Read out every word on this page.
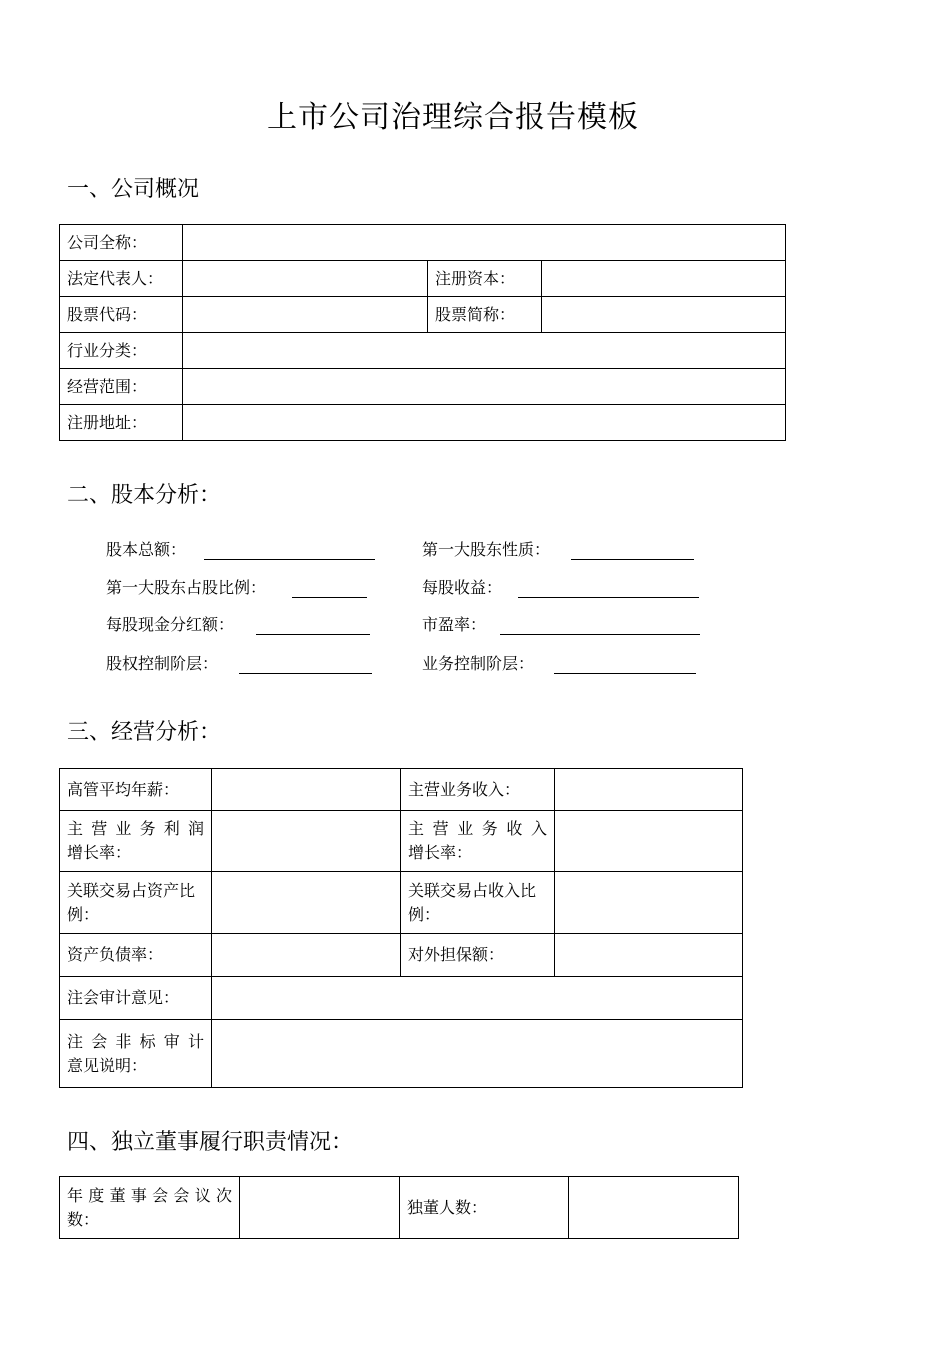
上市公司治理综合报告模板
一、公司概况
公司全称：			
法定代表人：		注册资本：	
股票代码：		股票简称：	
行业分类：			
经营范围：			
注册地址：			
二、股本分析：
股本总额：	第一大股东性质：
第一大股东占股比例：	每股收益：
每股现金分红额：	市盈率：
股权控制阶层：	业务控制阶层：
三、经营分析：
高管平均年薪：		主营业务收入：	
主 营 业 务 利 润 增长率：		主 营 业 务 收 入 增长率：	
关联交易占资产比例：		关联交易占收入比例：	
资产负债率：		对外担保额：	
注会审计意见：			
注 会 非 标 审 计 意见说明：			
四、独立董事履行职责情况：
年 度 董 事 会 会 议 次数：		独董人数：	
